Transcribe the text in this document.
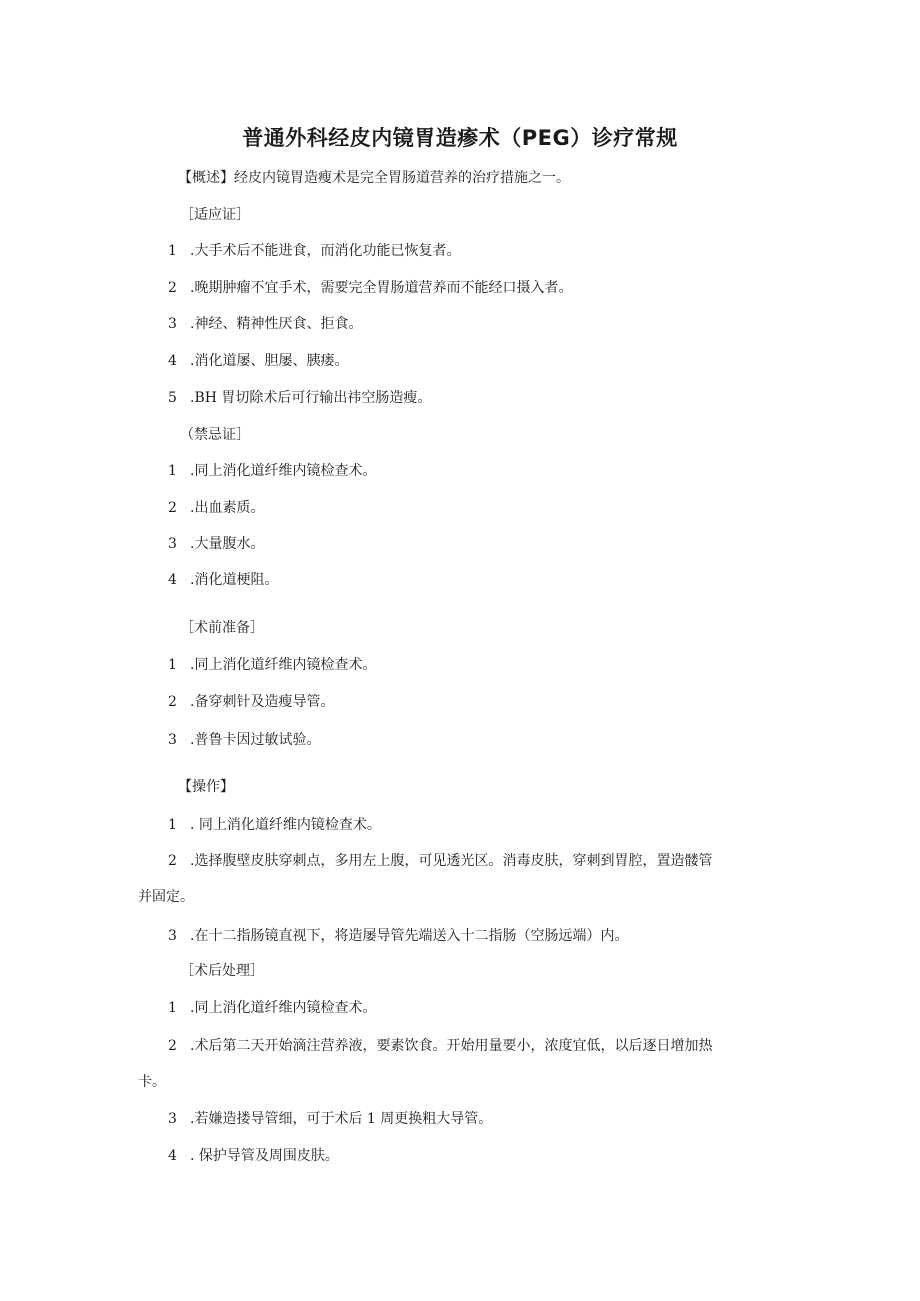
普通外科经皮内镜胃造瘆术（PEG）诊疗常规
【概述】经皮内镜胃造瘦术是完全胃肠道营养的治疗措施之一。
［适应证］
1 .大手术后不能进食，而消化功能已恢复者。
2 .晚期肿瘤不宜手术，需要完全胃肠道营养而不能经口摄入者。
3 .神经、精神性厌食、拒食。
4 .消化道屡、胆屡、胰瘘。
5 .BH 胃切除术后可行输出祎空肠造瘦。
（禁忌证］
1 .同上消化道纤维内镜检查术。
2 .出血素质。
3 .大量腹水。
4 .消化道梗阻。
［术前准备］
1 .同上消化道纤维内镜检查术。
2 .备穿刺针及造瘦导管。
3 .普鲁卡因过敏试验。
【操作】
1 . 同上消化道纤维内镜检查术。
2 .选择腹壁皮肤穿刺点，多用左上腹，可见透光区。消毒皮肤，穿刺到胃腔，置造髅管
并固定。
3 .在十二指肠镜直视下，将造屡导管先端送入十二指肠（空肠远端）内。
［术后处理］
1 .同上消化道纤维内镜检查术。
2 .术后第二天开始滴注营养液，要素饮食。开始用量要小，浓度宜低，以后逐日增加热
卡。
3 .若嫌造搂导管细，可于术后 1 周更换粗大导管。
4 . 保护导管及周围皮肤。
